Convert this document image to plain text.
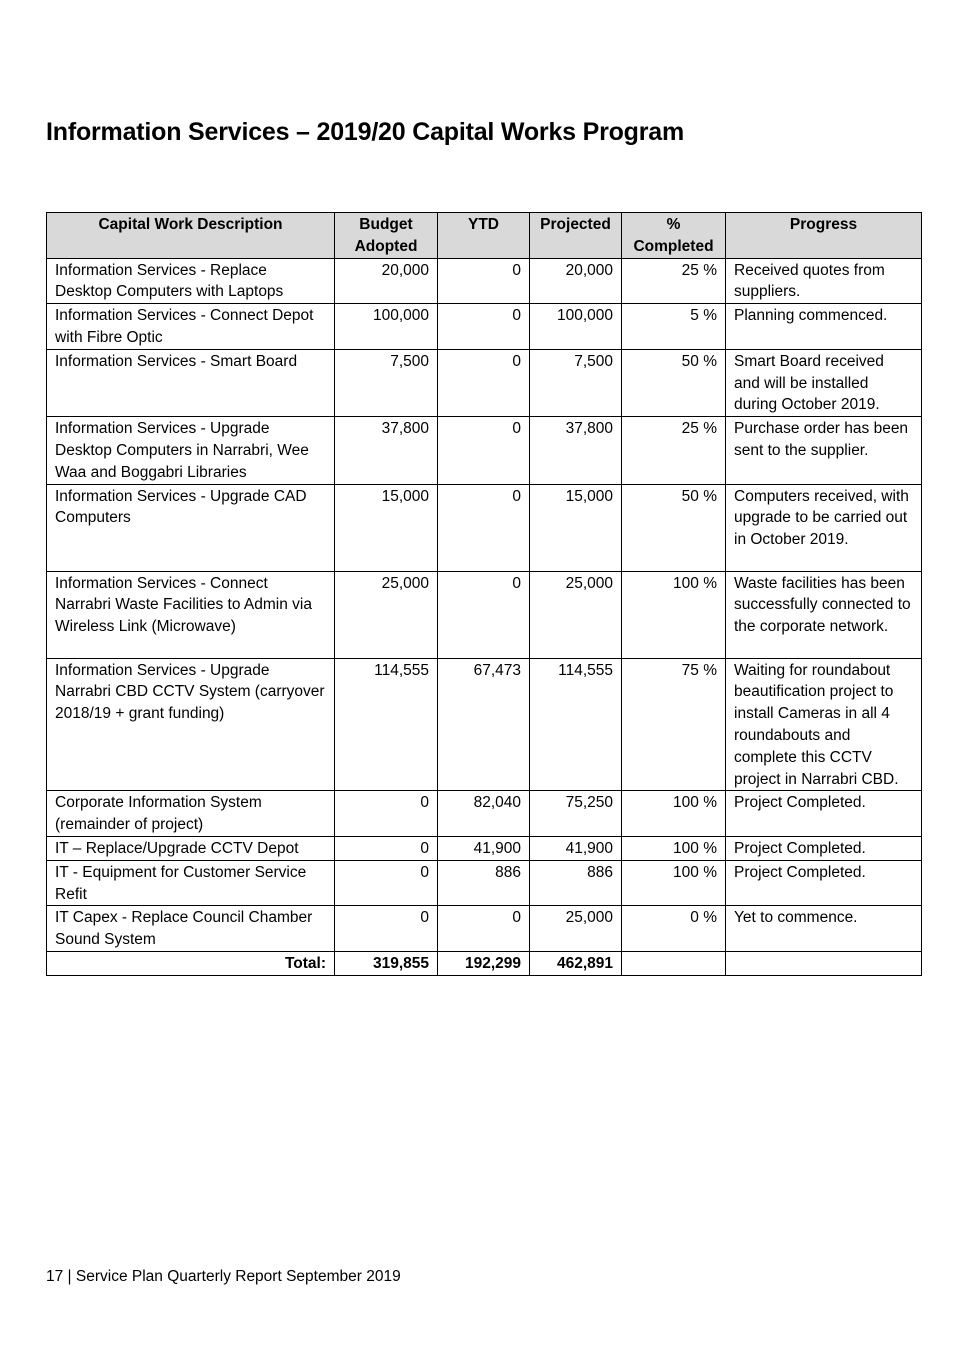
Information Services – 2019/20 Capital Works Program
Capital Work Description	Budget Adopted	YTD	Projected	% Completed	Progress
Information Services - Replace Desktop Computers with Laptops	20,000	0	20,000	25 %	Received quotes from suppliers.
Information Services - Connect Depot with Fibre Optic	100,000	0	100,000	5 %	Planning commenced.
Information Services - Smart Board	7,500	0	7,500	50 %	Smart Board received and will be installed during October 2019.
Information Services - Upgrade Desktop Computers in Narrabri, Wee Waa and Boggabri Libraries	37,800	0	37,800	25 %	Purchase order has been sent to the supplier.
Information Services - Upgrade CAD Computers	15,000	0	15,000	50 %	Computers received, with upgrade to be carried out in October 2019.
Information Services - Connect Narrabri Waste Facilities to Admin via Wireless Link (Microwave)	25,000	0	25,000	100 %	Waste facilities has been successfully connected to the corporate network.
Information Services - Upgrade Narrabri CBD CCTV System (carryover 2018/19 + grant funding)	114,555	67,473	114,555	75 %	Waiting for roundabout beautification project to install Cameras in all 4 roundabouts and complete this CCTV project in Narrabri CBD.
Corporate Information System (remainder of project)	0	82,040	75,250	100 %	Project Completed.
IT – Replace/Upgrade CCTV Depot	0	41,900	41,900	100 %	Project Completed.
IT - Equipment for Customer Service Refit	0	886	886	100 %	Project Completed.
IT Capex - Replace Council Chamber Sound System	0	0	25,000	0 %	Yet to commence.
Total:	319,855	192,299	462,891		
17 | Service Plan Quarterly Report September 2019
